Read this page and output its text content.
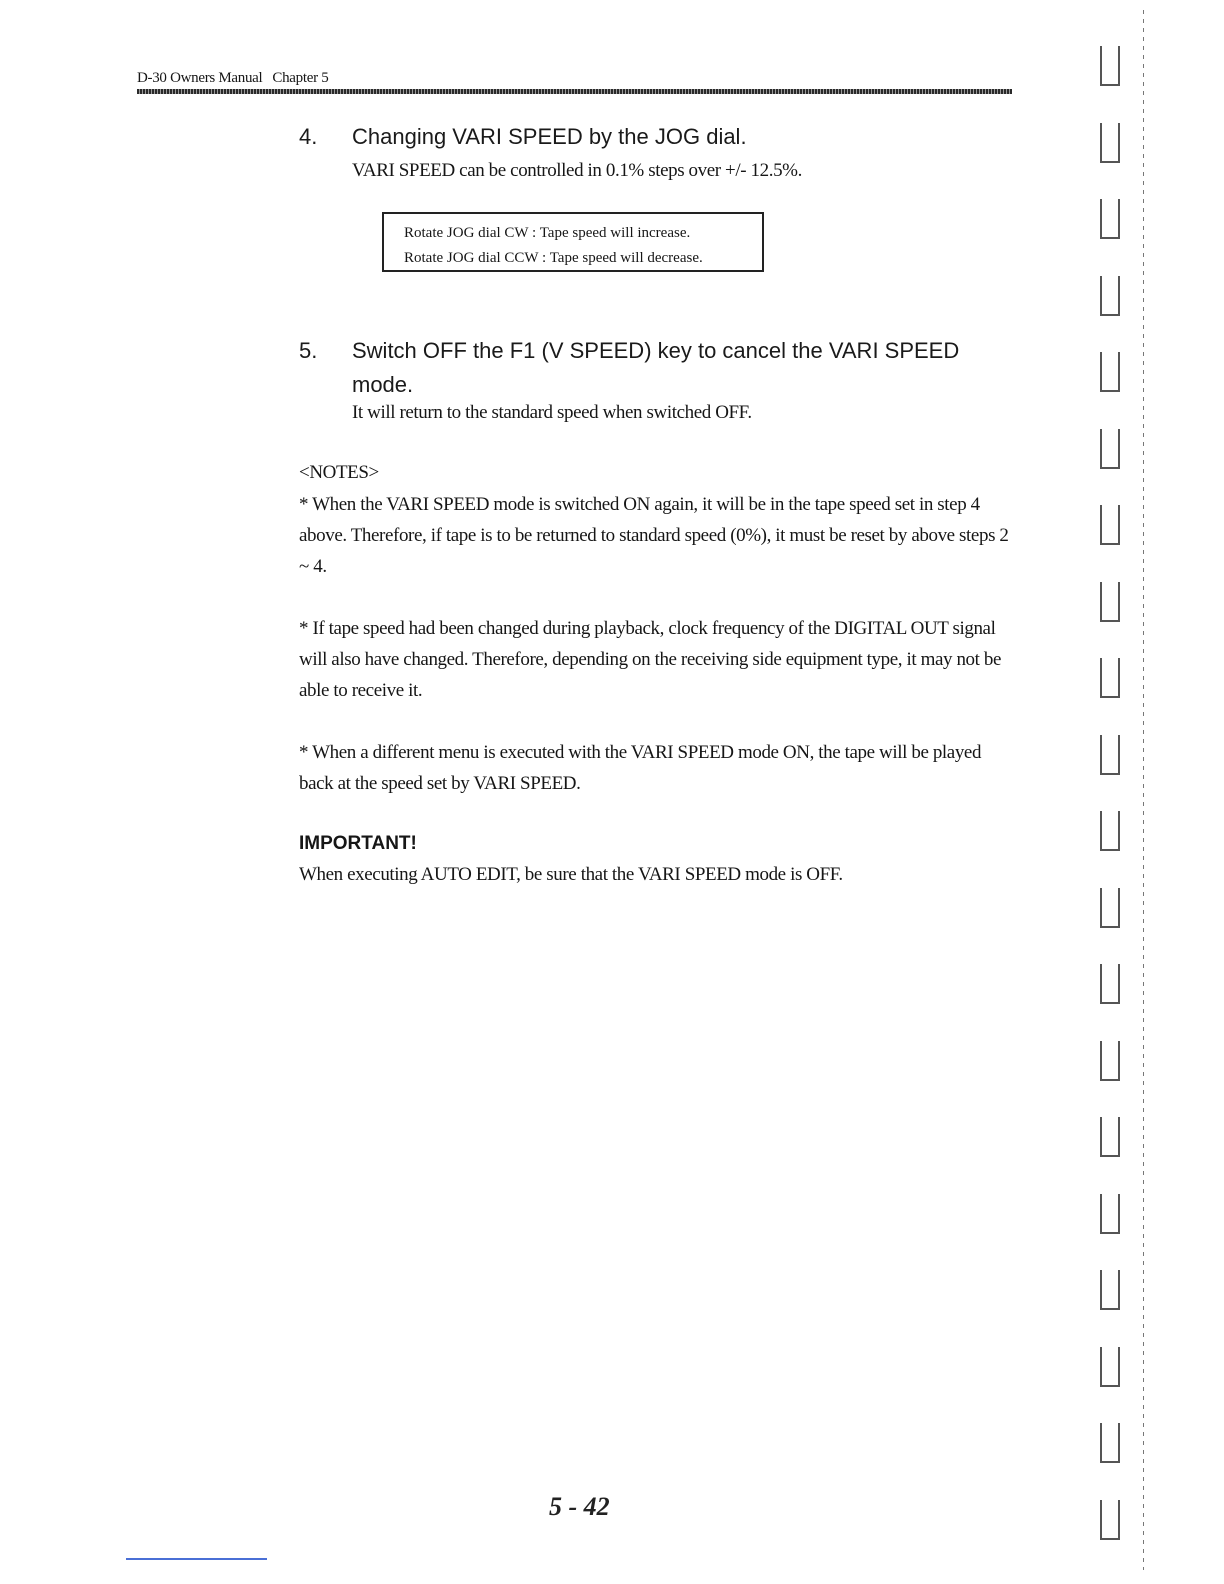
D-30 Owners Manual Chapter 5
4. Changing VARI SPEED by the JOG dial.
VARI SPEED can be controlled in 0.1% steps over +/- 12.5%.
Rotate JOG dial CW : Tape speed will increase.
Rotate JOG dial CCW : Tape speed will decrease.
5. Switch OFF the F1 (V SPEED) key to cancel the VARI SPEED mode.
It will return to the standard speed when switched OFF.
<NOTES>
* When the VARI SPEED mode is switched ON again, it will be in the tape speed set in step 4 above. Therefore, if tape is to be returned to standard speed (0%), it must be reset by above steps 2 ~ 4.
* If tape speed had been changed during playback, clock frequency of the DIGITAL OUT signal will also have changed. Therefore, depending on the receiving side equipment type, it may not be able to receive it.
* When a different menu is executed with the VARI SPEED mode ON, the tape will be played back at the speed set by VARI SPEED.
IMPORTANT!
When executing AUTO EDIT, be sure that the VARI SPEED mode is OFF.
5 - 42
